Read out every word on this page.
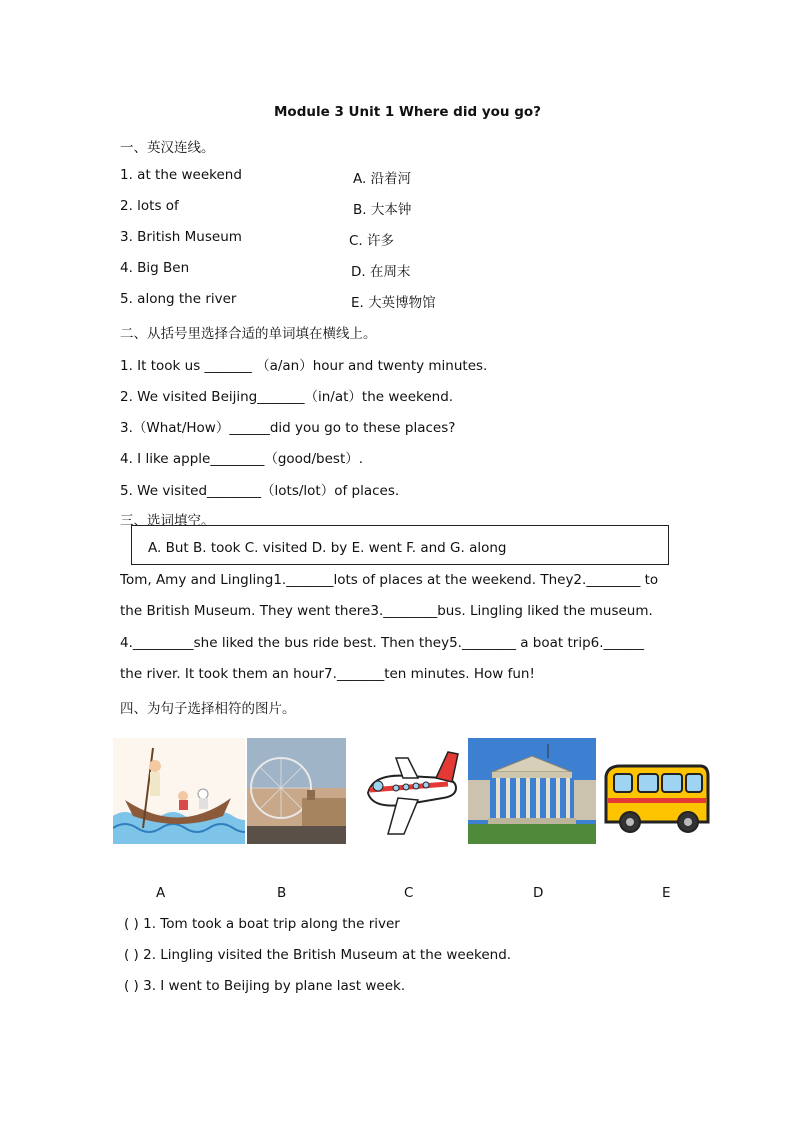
Module 3 Unit 1 Where did you go?
一、英汉连线。
1. at the weekend
2. lots of
3. British Museum
4. Big Ben
5. along the river
A. 沿着河
B. 大本钟
C. 许多
D. 在周末
E. 大英博物馆
二、从括号里选择合适的单词填在横线上。
1. It took us _______ （a/an）hour and twenty minutes.
2. We visited Beijing_______（in/at）the weekend.
3.（What/How）______did you go to these places?
4. I like apple________（good/best）.
5. We visited________（lots/lot）of places.
三、选词填空。
A. But B. took C. visited D. by E. went F. and G. along
Tom, Amy and Lingling1._______lots of places at the weekend. They2.________ to
the British Museum. They went there3.________bus. Lingling liked the museum.
4._________she liked the bus ride best. Then they5.________ a boat trip6.______
the river. It took them an hour7._______ten minutes. How fun!
四、为句子选择相符的图片。
A	B	C	D	E
( ) 1. Tom took a boat trip along the river
( ) 2. Lingling visited the British Museum at the weekend.
( ) 3. I went to Beijing by plane last week.
